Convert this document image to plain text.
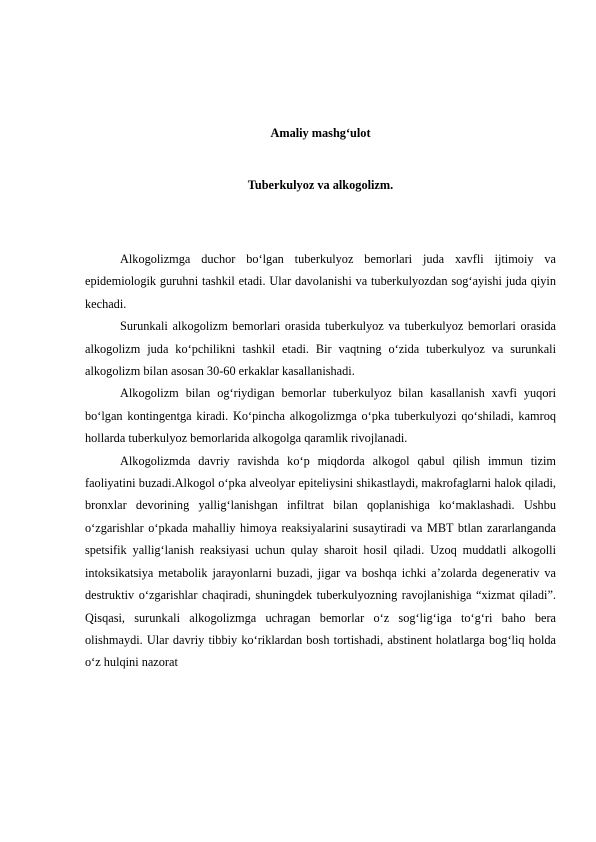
Amaliy mashg‘ulot
Tuberkulyoz va alkogolizm.

Alkogolizmga duchor bo‘lgan tuberkulyoz bemorlari juda xavfli ijtimoiy va epidemiologik guruhni tashkil etadi. Ular davolanishi va tuberkulyozdan sog‘ayishi juda qiyin kechadi.

Surunkali alkogolizm bemorlari orasida tuberkulyoz va tuberkulyoz bemorlari orasida alkogolizm juda ko‘pchilikni tashkil etadi. Bir vaqtning o‘zida tuberkulyoz va surunkali alkogolizm bilan asosan 30-60 erkaklar kasallanishadi.

Alkogolizm bilan og‘riydigan bemorlar tuberkulyoz bilan kasallanish xavfi yuqori bo‘lgan kontingentga kiradi. Ko‘pincha alkogolizmga o‘pka tuberkulyozi qo‘shiladi, kamroq hollarda tuberkulyoz bemorlarida alkogolga qaramlik rivojlanadi.

Alkogolizmda davriy ravishda ko‘p miqdorda alkogol qabul qilish immun tizim faoliyatini buzadi.Alkogol o‘pka alveolyar epiteliysini shikastlaydi, makrofaglarni halok qiladi, bronxlar devorining yallig‘lanishgan infiltrat bilan qoplanishiga ko‘maklashadi. Ushbu o‘zgarishlar o‘pkada mahalliy himoya reaksiyalarini susaytiradi va MBT btlan zararlanganda spetsifik yallig‘lanish reaksiyasi uchun qulay sharoit hosil qiladi. Uzoq muddatli alkogolli intoksikatsiya metabolik jarayonlarni buzadi, jigar va boshqa ichki a’zolarda degenerativ va destruktiv o‘zgarishlar chaqiradi, shuningdek tuberkulyozning ravojlanishiga “xizmat qiladi”. Qisqasi, surunkali alkogolizmga uchragan bemorlar o‘z sog‘lig‘iga to‘g‘ri baho bera olishmaydi. Ular davriy tibbiy ko‘riklardan bosh tortishadi, abstinent holatlarga bog‘liq holda o‘z hulqini nazorat
